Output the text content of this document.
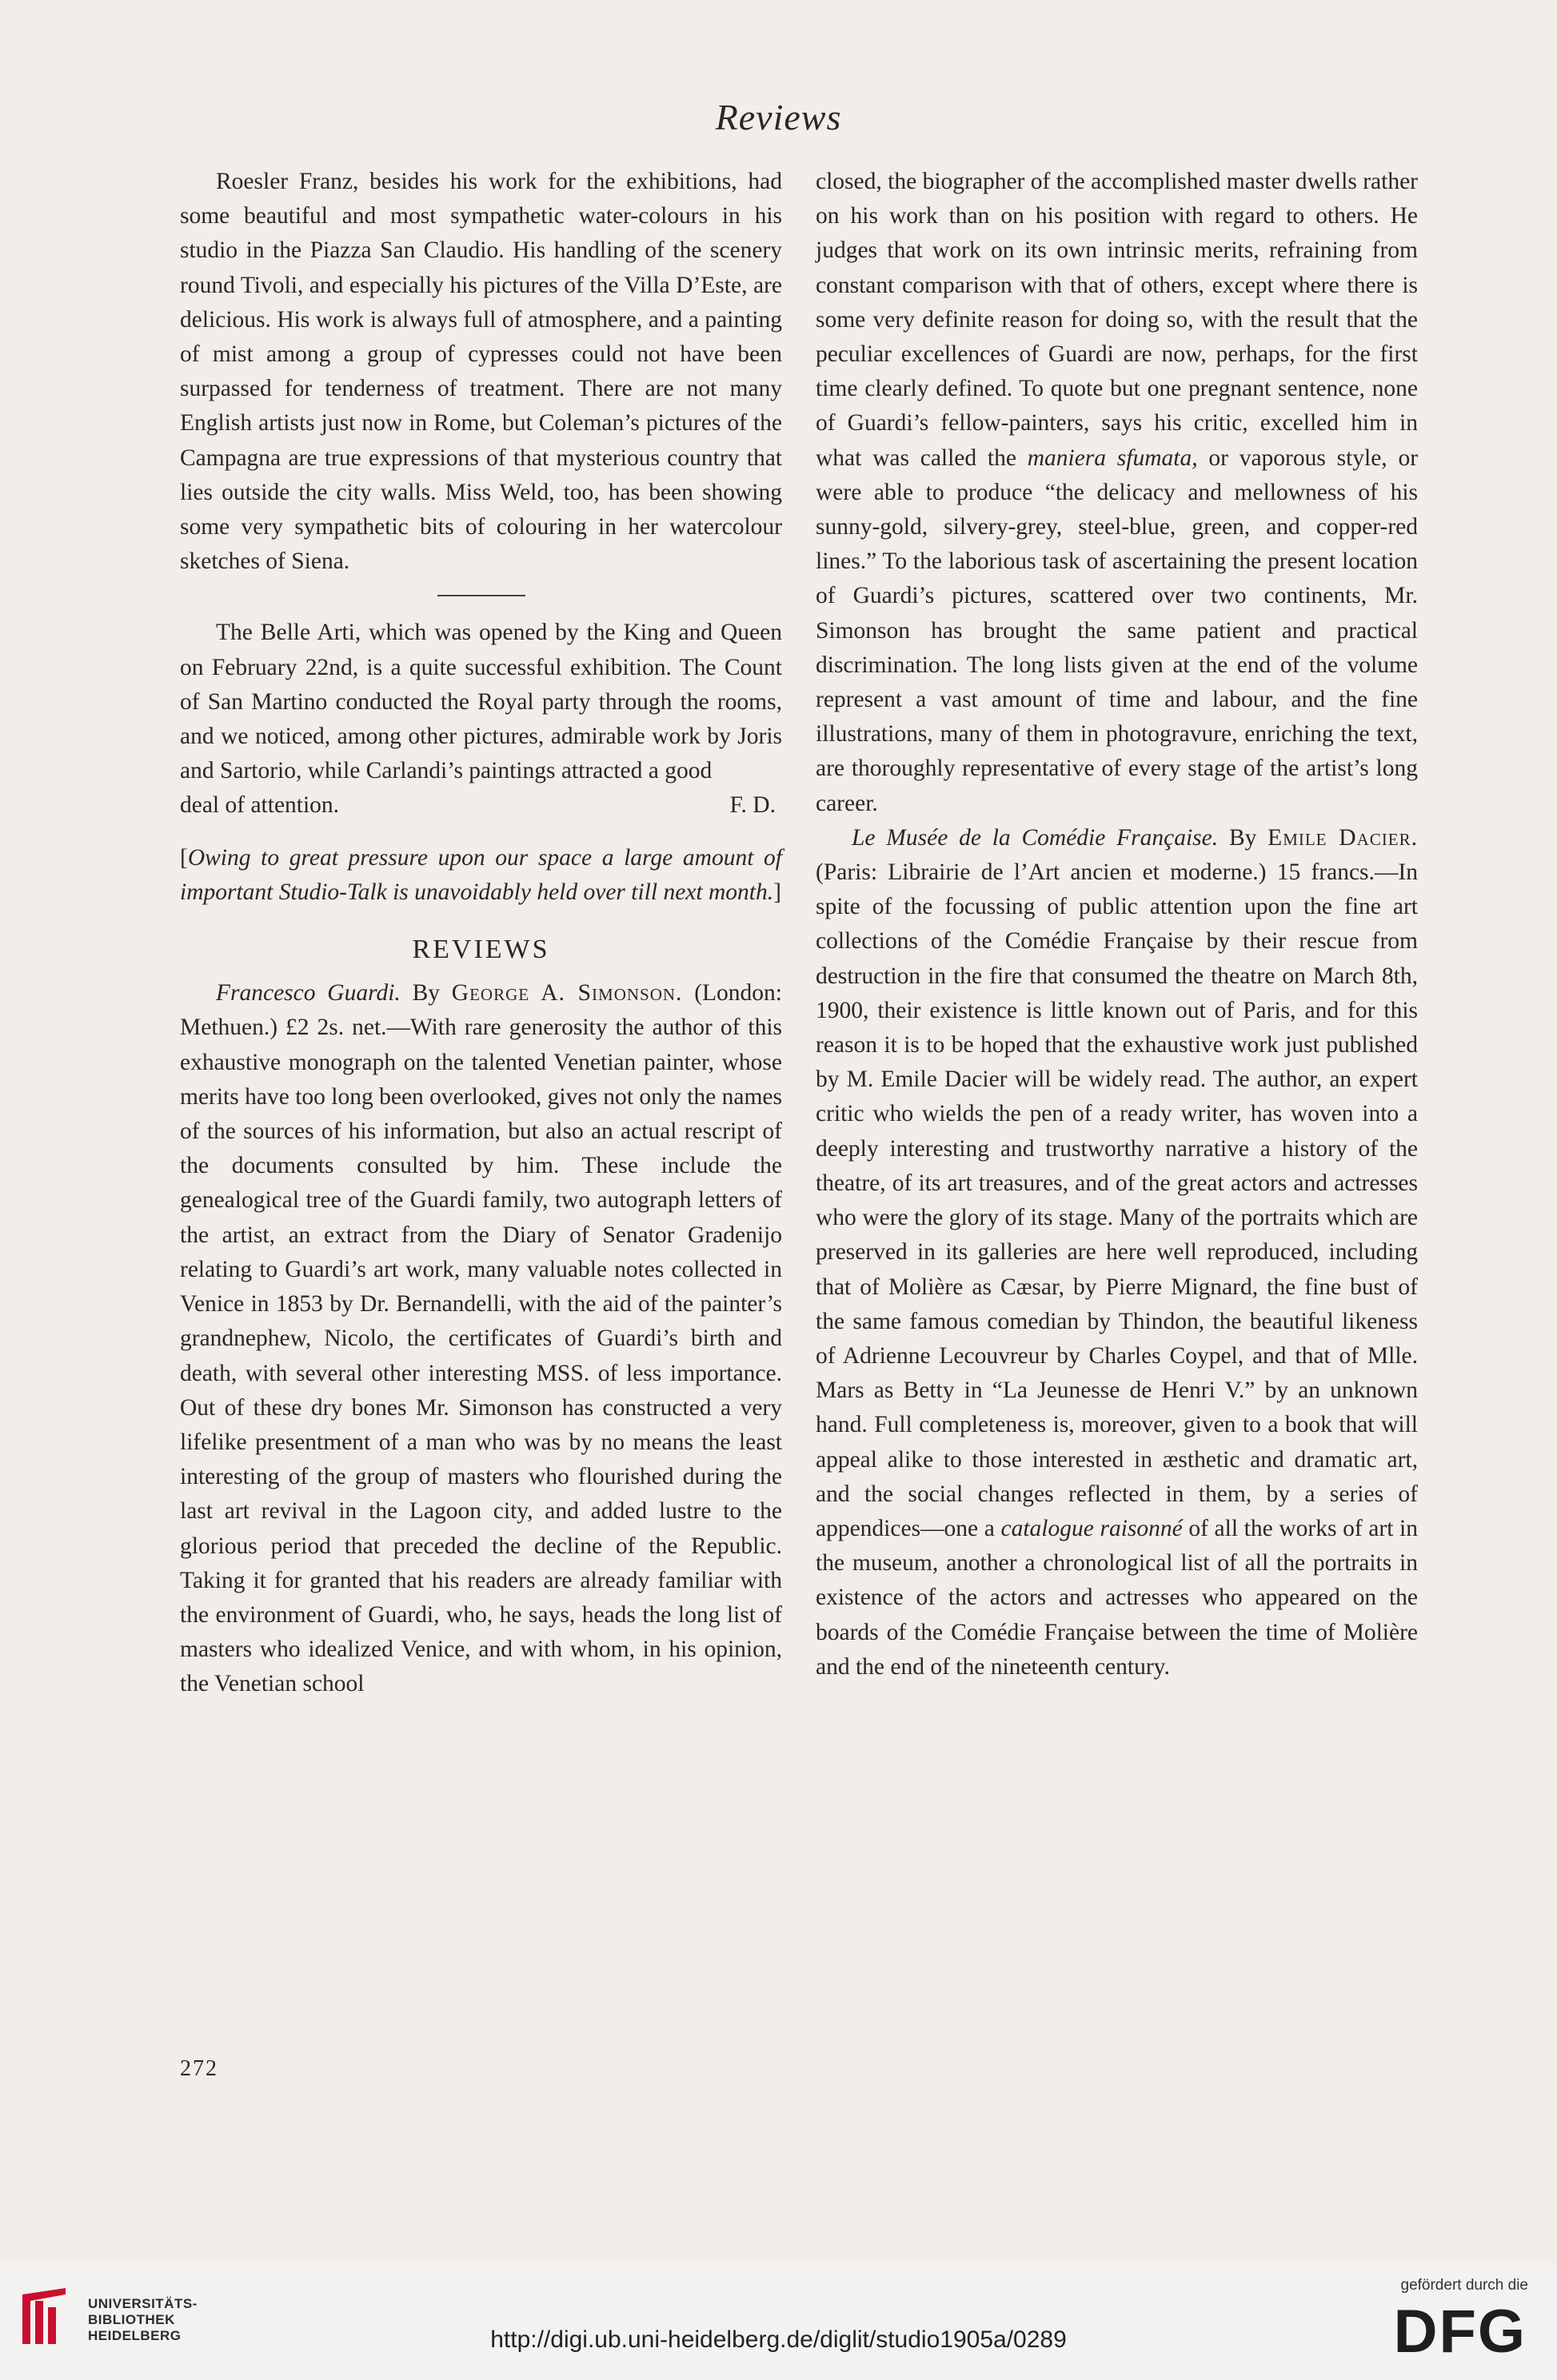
Reviews

Roesler Franz, besides his work for the exhibitions, had some beautiful and most sympathetic water-colours in his studio in the Piazza San Claudio. His handling of the scenery round Tivoli, and especially his pictures of the Villa D’Este, are delicious. His work is always full of atmosphere, and a painting of mist among a group of cypresses could not have been surpassed for tenderness of treatment. There are not many English artists just now in Rome, but Coleman’s pictures of the Campagna are true expressions of that mysterious country that lies outside the city walls. Miss Weld, too, has been showing some very sympathetic bits of colouring in her watercolour sketches of Siena.

The Belle Arti, which was opened by the King and Queen on February 22nd, is a quite successful exhibition. The Count of San Martino conducted the Royal party through the rooms, and we noticed, among other pictures, admirable work by Joris and Sartorio, while Carlandi’s paintings attracted a good

deal of attention.	F. D.

[Owing to great pressure upon our space a large amount of important Studio-Talk is unavoidably held over till next month.]

REVIEWS

Francesco Guardi. By George A. Simonson. (London: Methuen.) £2 2s. net.—With rare generosity the author of this exhaustive monograph on the talented Venetian painter, whose merits have too long been overlooked, gives not only the names of the sources of his information, but also an actual rescript of the documents consulted by him. These include the genealogical tree of the Guardi family, two autograph letters of the artist, an extract from the Diary of Senator Gradenijo relating to Guardi’s art work, many valuable notes collected in Venice in 1853 by Dr. Bernandelli, with the aid of the painter’s grandnephew, Nicolo, the certificates of Guardi’s birth and death, with several other interesting MSS. of less importance. Out of these dry bones Mr. Simonson has constructed a very lifelike presentment of a man who was by no means the least interesting of the group of masters who flourished during the last art revival in the Lagoon city, and added lustre to the glorious period that preceded the decline of the Republic. Taking it for granted that his readers are already familiar with the environment of Guardi, who, he says, heads the long list of masters who idealized Venice, and with whom, in his opinion, the Venetian school

closed, the biographer of the accomplished master dwells rather on his work than on his position with regard to others. He judges that work on its own intrinsic merits, refraining from constant comparison with that of others, except where there is some very definite reason for doing so, with the result that the peculiar excellences of Guardi are now, perhaps, for the first time clearly defined. To quote but one pregnant sentence, none of Guardi’s fellow-painters, says his critic, excelled him in what was called the maniera sfumata, or vaporous style, or were able to produce “the delicacy and mellowness of his sunny-gold, silvery-grey, steel-blue, green, and copper-red lines.” To the laborious task of ascertaining the present location of Guardi’s pictures, scattered over two continents, Mr. Simonson has brought the same patient and practical discrimination. The long lists given at the end of the volume represent a vast amount of time and labour, and the fine illustrations, many of them in photogravure, enriching the text, are thoroughly representative of every stage of the artist’s long career.

Le Musée de la Comédie Française. By Emile Dacier. (Paris: Librairie de l’Art ancien et moderne.) 15 francs.—In spite of the focussing of public attention upon the fine art collections of the Comédie Française by their rescue from destruction in the fire that consumed the theatre on March 8th, 1900, their existence is little known out of Paris, and for this reason it is to be hoped that the exhaustive work just published by M. Emile Dacier will be widely read. The author, an expert critic who wields the pen of a ready writer, has woven into a deeply interesting and trustworthy narrative a history of the theatre, of its art treasures, and of the great actors and actresses who were the glory of its stage. Many of the portraits which are preserved in its galleries are here well reproduced, including that of Molière as Cæsar, by Pierre Mignard, the fine bust of the same famous comedian by Thindon, the beautiful likeness of Adrienne Lecouvreur by Charles Coypel, and that of Mlle. Mars as Betty in “La Jeunesse de Henri V.” by an unknown hand. Full completeness is, moreover, given to a book that will appeal alike to those interested in æsthetic and dramatic art, and the social changes reflected in them, by a series of appendices—one a catalogue raisonné of all the works of art in the museum, another a chronological list of all the portraits in existence of the actors and actresses who appeared on the boards of the Comédie Française between the time of Molière and the end of the nineteenth century.

272
UNIVERSITÄTS-
BIBLIOTHEK
HEIDELBERG	http://digi.ub.uni-heidelberg.de/diglit/studio1905a/0289
gefördert durch die
DFG
